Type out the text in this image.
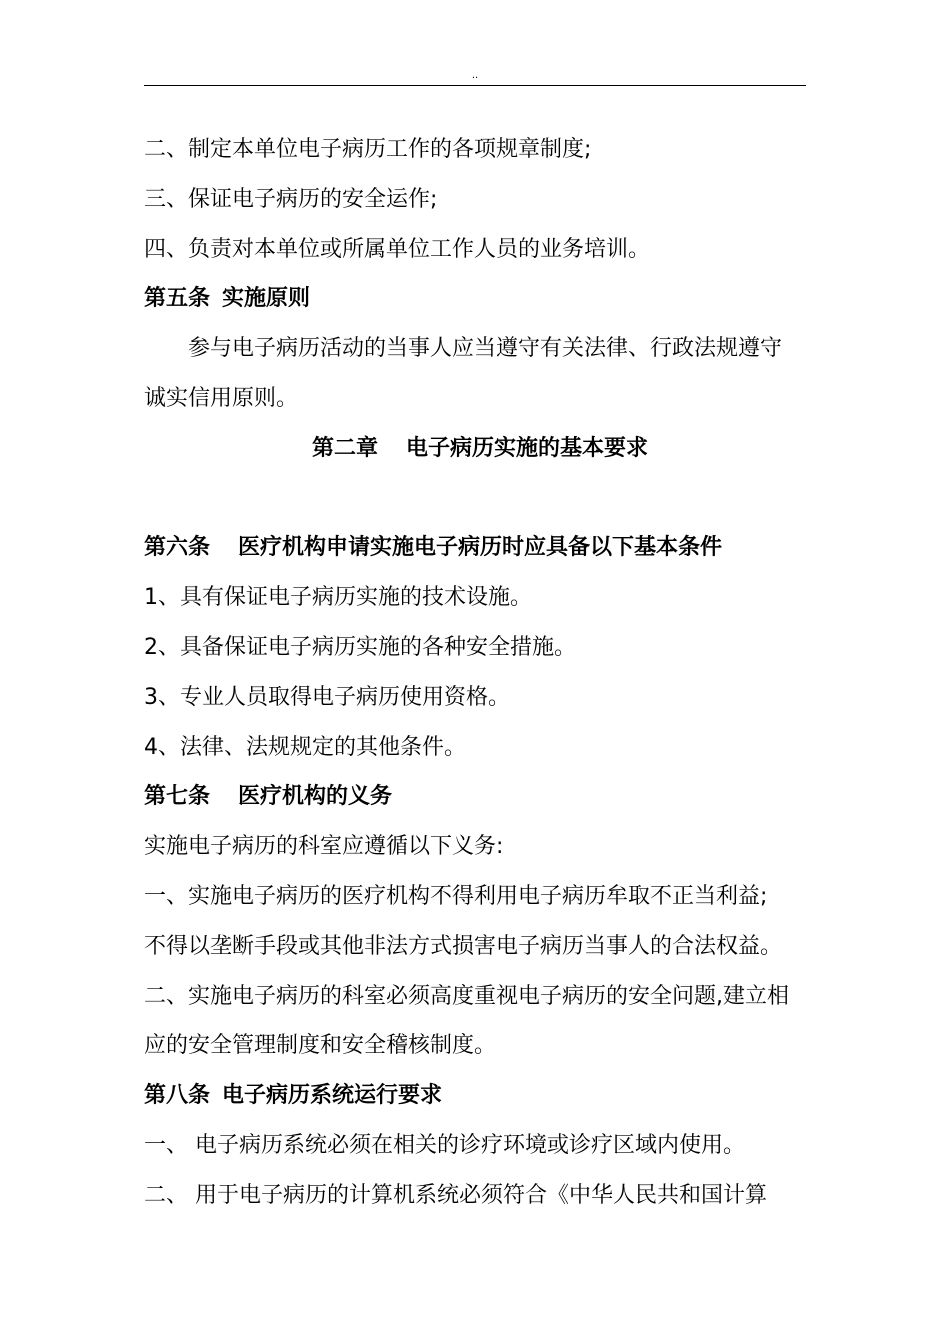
..
二、制定本单位电子病历工作的各项规章制度;
三、保证电子病历的安全运作;
四、负责对本单位或所属单位工作人员的业务培训。
第五条 实施原则
参与电子病历活动的当事人应当遵守有关法律、行政法规遵守
诚实信用原则。
第二章 电子病历实施的基本要求
第六条 医疗机构申请实施电子病历时应具备以下基本条件
1、具有保证电子病历实施的技术设施。
2、具备保证电子病历实施的各种安全措施。
3、专业人员取得电子病历使用资格。
4、法律、法规规定的其他条件。
第七条 医疗机构的义务
实施电子病历的科室应遵循以下义务:
一、实施电子病历的医疗机构不得利用电子病历牟取不正当利益;
不得以垄断手段或其他非法方式损害电子病历当事人的合法权益。
二、实施电子病历的科室必须高度重视电子病历的安全问题,建立相
应的安全管理制度和安全稽核制度。
第八条 电子病历系统运行要求
一、 电子病历系统必须在相关的诊疗环境或诊疗区域内使用。
二、 用于电子病历的计算机系统必须符合《中华人民共和国计算
